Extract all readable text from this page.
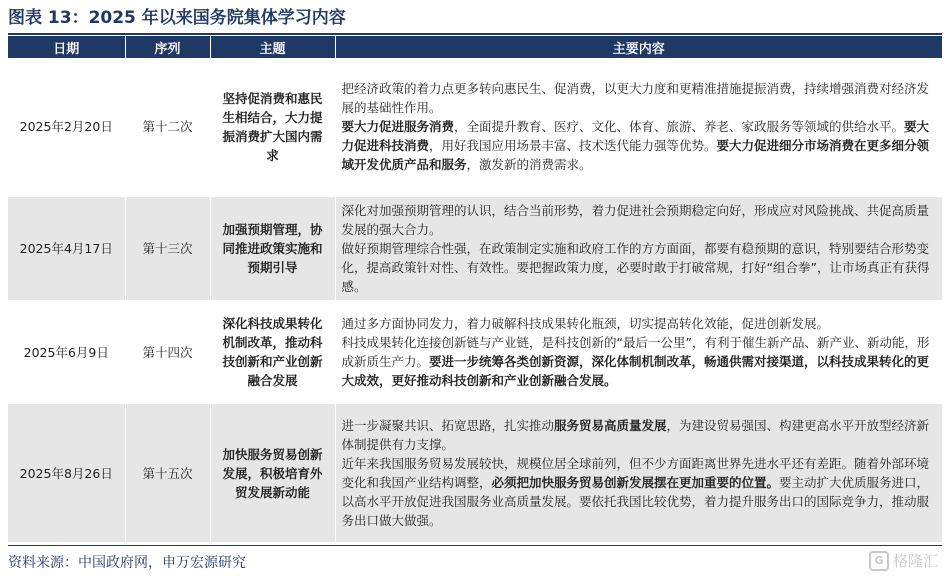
图表 13：2025 年以来国务院集体学习内容
日期	序列	主题	主要内容
2025年2月20日	第十二次	坚持促消费和惠民生相结合，大力提振消费扩大国内需求	把经济政策的着力点更多转向惠民生、促消费，以更大力度和更精准措施提振消费，持续增强消费对经济发展的基础性作用。
要大力促进服务消费，全面提升教育、医疗、文化、体育、旅游、养老、家政服务等领域的供给水平。要大力促进科技消费，用好我国应用场景丰富、技术迭代能力强等优势。要大力促进细分市场消费在更多细分领域开发优质产品和服务，激发新的消费需求。

2025年4月17日	第十三次	加强预期管理，协同推进政策实施和预期引导	深化对加强预期管理的认识，结合当前形势，着力促进社会预期稳定向好，形成应对风险挑战、共促高质量发展的强大合力。
做好预期管理综合性强，在政策制定实施和政府工作的方方面面，都要有稳预期的意识，特别要结合形势变化，提高政策针对性、有效性。要把握政策力度，必要时敢于打破常规，打好“组合拳”，让市场真正有获得感。

2025年6月9日	第十四次	深化科技成果转化机制改革，推动科技创新和产业创新融合发展	通过多方面协同发力，着力破解科技成果转化瓶颈，切实提高转化效能，促进创新发展。
科技成果转化连接创新链与产业链，是科技创新的“最后一公里”，有利于催生新产品、新产业、新动能，形成新质生产力。要进一步统筹各类创新资源，深化体制机制改革，畅通供需对接渠道，以科技成果转化的更大成效，更好推动科技创新和产业创新融合发展。

2025年8月26日	第十五次	加快服务贸易创新发展，积极培育外贸发展新动能	进一步凝聚共识、拓宽思路，扎实推动服务贸易高质量发展，为建设贸易强国、构建更高水平开放型经济新体制提供有力支撑。
近年来我国服务贸易发展较快，规模位居全球前列，但不少方面距离世界先进水平还有差距。随着外部环境变化和我国产业结构调整，必须把加快服务贸易创新发展摆在更加重要的位置。要主动扩大优质服务进口，以高水平开放促进我国服务业高质量发展。要依托我国比较优势，着力提升服务出口的国际竞争力，推动服务出口做大做强。
资料来源：中国政府网，申万宏源研究	G 格隆汇
